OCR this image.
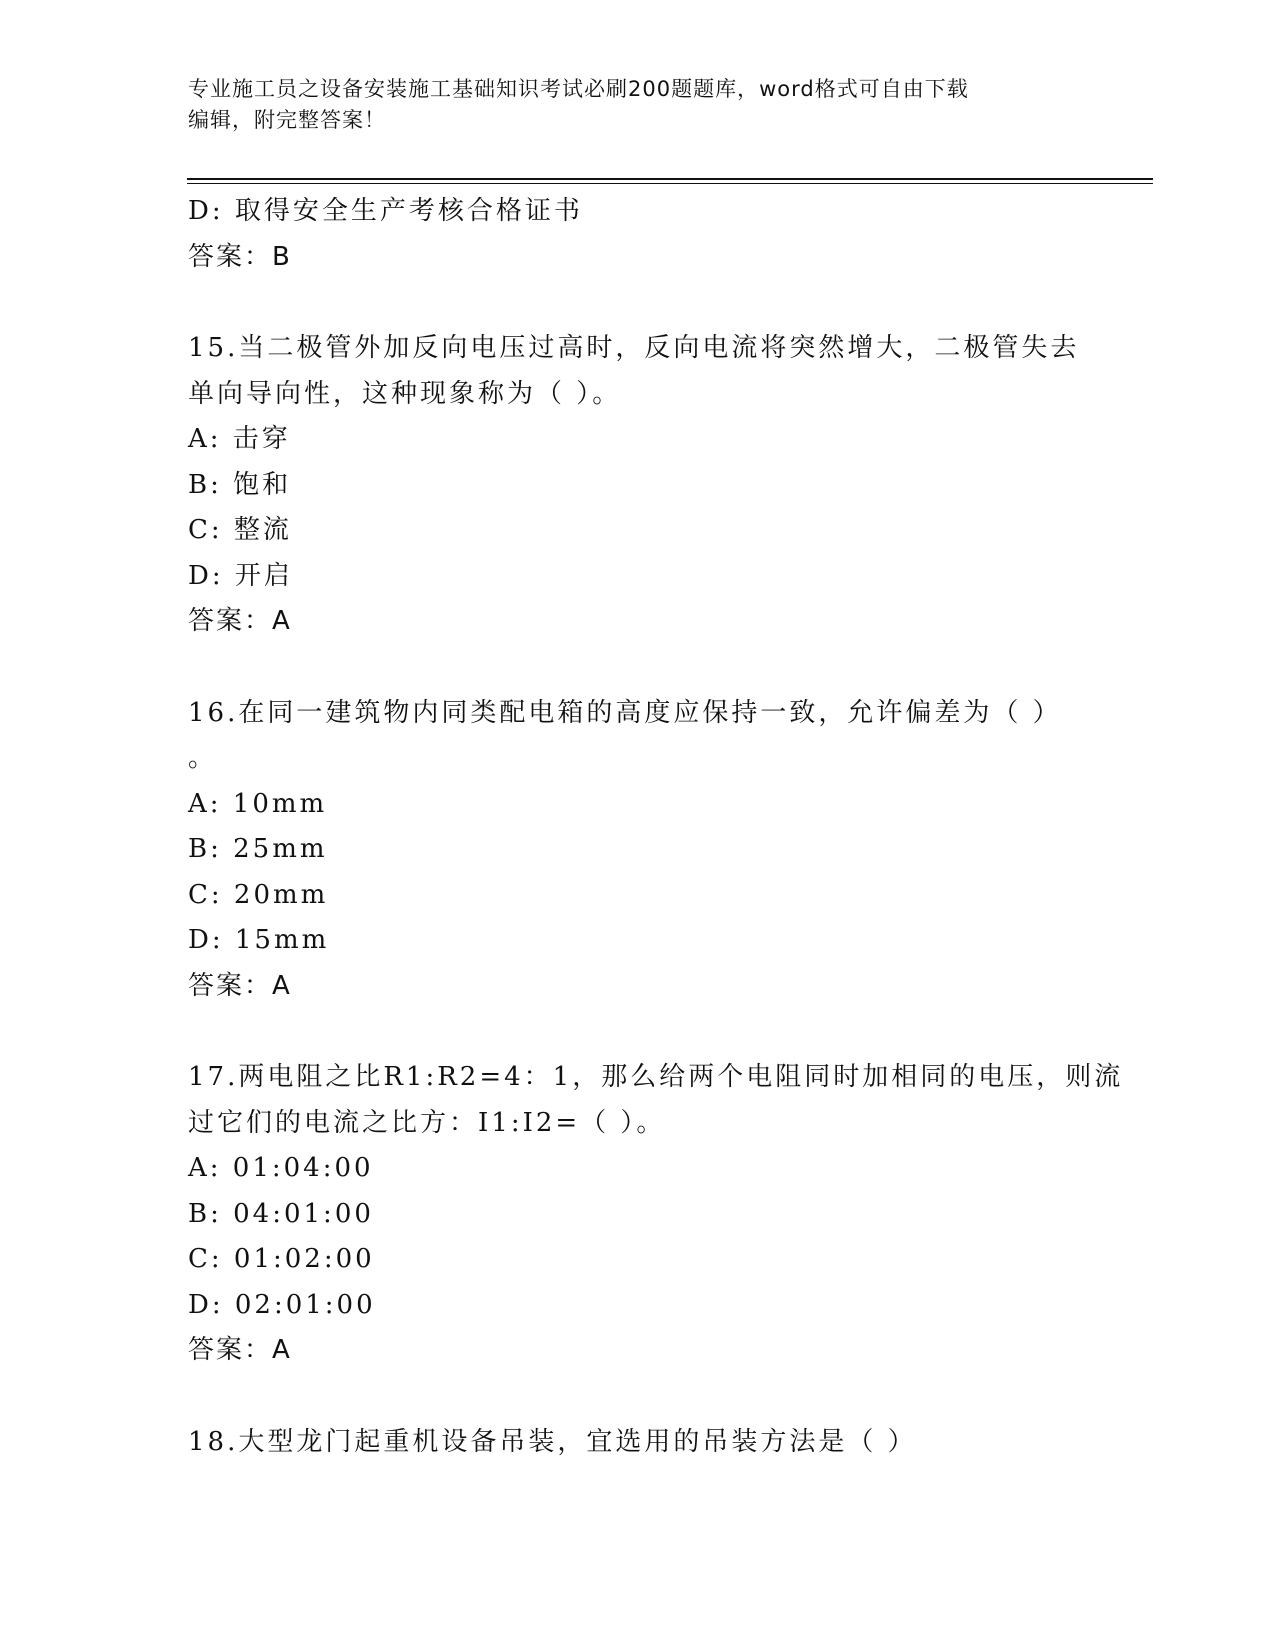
专业施工员之设备安装施工基础知识考试必刷200题题库，word格式可自由下载
编辑，附完整答案！
D: 取得安全生产考核合格证书
答案：B
15.当二极管外加反向电压过高时，反向电流将突然增大，二极管失去
单向导向性，这种现象称为（ ）。
A: 击穿
B: 饱和
C: 整流
D: 开启
答案：A
16.在同一建筑物内同类配电箱的高度应保持一致，允许偏差为（ ）
。
A: 10mm
B: 25mm
C: 20mm
D: 15mm
答案：A
17.两电阻之比R1:R2=4：1，那么给两个电阻同时加相同的电压，则流
过它们的电流之比方：I1:I2=（ ）。
A: 01:04:00
B: 04:01:00
C: 01:02:00
D: 02:01:00
答案：A
18.大型龙门起重机设备吊装，宜选用的吊装方法是（ ）
